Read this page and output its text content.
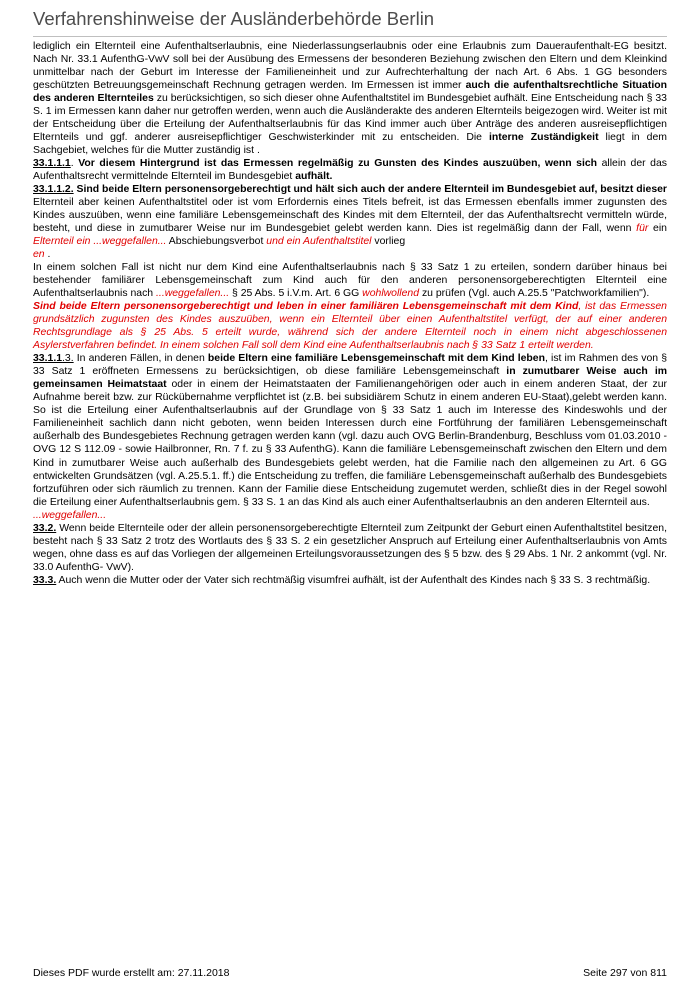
Verfahrenshinweise der Ausländerbehörde Berlin

lediglich ein Elternteil eine Aufenthaltserlaubnis, eine Niederlassungserlaubnis oder eine Erlaubnis zum Daueraufenthalt-EG besitzt. Nach Nr. 33.1 AufenthG-VwV soll bei der Ausübung des Ermessens der besonderen Beziehung zwischen den Eltern und dem Kleinkind unmittelbar nach der Geburt im Interesse der Familieneinheit und zur Aufrechterhaltung der nach Art. 6 Abs. 1 GG besonders geschützten Betreuungsgemeinschaft Rechnung getragen werden. Im Ermessen ist immer auch die aufenthaltsrechtliche Situation des anderen Elternteiles zu berücksichtigen, so sich dieser ohne Aufenthaltstitel im Bundesgebiet aufhält. Eine Entscheidung nach § 33 S. 1 im Ermessen kann daher nur getroffen werden, wenn auch die Ausländerakte des anderen Elternteils beigezogen wird. Weiter ist mit der Entscheidung über die Erteilung der Aufenthaltserlaubnis für das Kind immer auch über Anträge des anderen ausreisepflichtigen Elternteils und ggf. anderer ausreisepflichtiger Geschwisterkinder mit zu entscheiden. Die interne Zuständigkeit liegt in dem Sachgebiet, welches für die Mutter zuständig ist .

33.1.1.1. Vor diesem Hintergrund ist das Ermessen regelmäßig zu Gunsten des Kindes auszuüben, wenn sich allein der das Aufenthaltsrecht vermittelnde Elternteil im Bundesgebiet aufhält.

33.1.1.2. Sind beide Eltern personensorgeberechtigt und hält sich auch der andere Elternteil im Bundesgebiet auf, besitzt dieser Elternteil aber keinen Aufenthaltstitel oder ist vom Erfordernis eines Titels befreit, ist das Ermessen ebenfalls immer zugunsten des Kindes auszuüben, wenn eine familiäre Lebensgemeinschaft des Kindes mit dem Elternteil, der das Aufenthaltsrecht vermitteln würde, besteht, und diese in zumutbarer Weise nur im Bundesgebiet gelebt werden kann. Dies ist regelmäßig dann der Fall, wenn für ein Elternteil ein ...weggefallen... Abschiebungsverbot und ein Aufenthaltstitel vorlieg
en .

In einem solchen Fall ist nicht nur dem Kind eine Aufenthaltserlaubnis nach § 33 Satz 1 zu erteilen, sondern darüber hinaus bei bestehender familiärer Lebensgemeinschaft zum Kind auch für den anderen personensorgeberechtigten Elternteil eine Aufenthaltserlaubnis nach ...weggefallen... § 25 Abs. 5 i.V.m. Art. 6 GG wohlwollend zu prüfen (Vgl. auch A.25.5 "Patchworkfamilien").

Sind beide Eltern personensorgeberechtigt und leben in einer familiären Lebensgemeinschaft mit dem Kind, ist das Ermessen grundsätzlich zugunsten des Kindes auszuüben, wenn ein Elternteil über einen Aufenthaltstitel verfügt, der auf einer anderen Rechtsgrundlage als § 25 Abs. 5 erteilt wurde, während sich der andere Elternteil noch in einem nicht abgeschlossenen Asylerstverfahren befindet. In einem solchen Fall soll dem Kind eine Aufenthaltserlaubnis nach § 33 Satz 1 erteilt werden.

33.1.1.3. In anderen Fällen, in denen beide Eltern eine familiäre Lebensgemeinschaft mit dem Kind leben, ist im Rahmen des von § 33 Satz 1 eröffneten Ermessens zu berücksichtigen, ob diese familiäre Lebensgemeinschaft in zumutbarer Weise auch im gemeinsamen Heimatstaat oder in einem der Heimatstaaten der Familienangehörigen oder auch in einem anderen Staat, der zur Aufnahme bereit bzw. zur Rückübernahme verpflichtet ist (z.B. bei subsidiärem Schutz in einem anderen EU-Staat),gelebt werden kann. So ist die Erteilung einer Aufenthaltserlaubnis auf der Grundlage von § 33 Satz 1 auch im Interesse des Kindeswohls und der Familieneinheit sachlich dann nicht geboten, wenn beiden Interessen durch eine Fortführung der familiären Lebensgemeinschaft außerhalb des Bundesgebietes Rechnung getragen werden kann (vgl. dazu auch OVG Berlin-Brandenburg, Beschluss vom 01.03.2010 - OVG 12 S 112.09 - sowie Hailbronner, Rn. 7 f. zu § 33 AufenthG). Kann die familiäre Lebensgemeinschaft zwischen den Eltern und dem Kind in zumutbarer Weise auch außerhalb des Bundesgebiets gelebt werden, hat die Familie nach den allgemeinen zu Art. 6 GG entwickelten Grundsätzen (vgl. A.25.5.1. ff.) die Entscheidung zu treffen, die familiäre Lebensgemeinschaft außerhalb des Bundesgebiets fortzuführen oder sich räumlich zu trennen. Kann der Familie diese Entscheidung zugemutet werden, schließt dies in der Regel sowohl die Erteilung einer Aufenthaltserlaubnis gem. § 33 S. 1 an das Kind als auch einer Aufenthaltserlaubnis an den anderen Elternteil aus.

...weggefallen...

33.2. Wenn beide Elternteile oder der allein personensorgeberechtigte Elternteil zum Zeitpunkt der Geburt einen Aufenthaltstitel besitzen, besteht nach § 33 Satz 2 trotz des Wortlauts des § 33 S. 2 ein gesetzlicher Anspruch auf Erteilung einer Aufenthaltserlaubnis von Amts wegen, ohne dass es auf das Vorliegen der allgemeinen Erteilungsvoraussetzungen des § 5 bzw. des § 29 Abs. 1 Nr. 2 ankommt (vgl. Nr. 33.0 AufenthG- VwV).

33.3. Auch wenn die Mutter oder der Vater sich rechtmäßig visumfrei aufhält, ist der Aufenthalt des Kindes nach § 33 S. 3 rechtmäßig.

Dieses PDF wurde erstellt am: 27.11.2018	Seite 297 von 811
